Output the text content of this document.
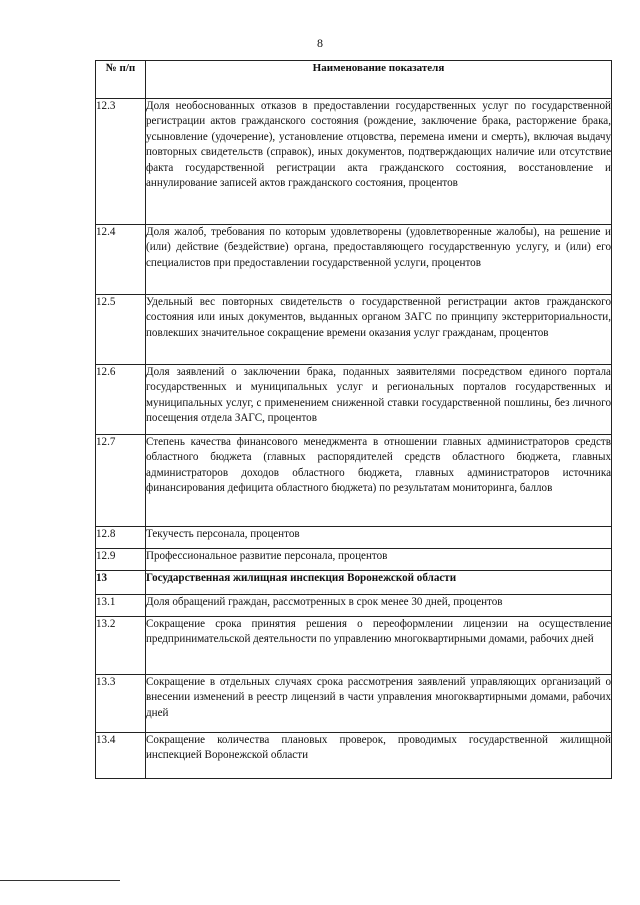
8
№ п/п	Наименование показателя
12.3	Доля необоснованных отказов в предоставлении государственных услуг по государственной регистрации актов гражданского состояния (рождение, заключение брака, расторжение брака, усыновление (удочерение), установление отцовства, перемена имени и смерть), включая выдачу повторных свидетельств (справок), иных документов, подтверждающих наличие или отсутствие факта государственной регистрации акта гражданского состояния, восстановление и аннулирование записей актов гражданского состояния, процентов
12.4	Доля жалоб, требования по которым удовлетворены (удовлетворенные жалобы), на решение и (или) действие (бездействие) органа, предоставляющего государственную услугу, и (или) его специалистов при предоставлении государственной услуги, процентов
12.5	Удельный вес повторных свидетельств о государственной регистрации актов гражданского состояния или иных документов, выданных органом ЗАГС по принципу экстерриториальности, повлекших значительное сокращение времени оказания услуг гражданам, процентов
12.6	Доля заявлений о заключении брака, поданных заявителями посредством единого портала государственных и муниципальных услуг и региональных порталов государственных и муниципальных услуг, с применением сниженной ставки государственной пошлины, без личного посещения отдела ЗАГС, процентов
12.7	Степень качества финансового менеджмента в отношении главных администраторов средств областного бюджета (главных распорядителей средств областного бюджета, главных администраторов доходов областного бюджета, главных администраторов источника финансирования дефицита областного бюджета) по результатам мониторинга, баллов
12.8	Текучесть персонала, процентов
12.9	Профессиональное развитие персонала, процентов
13	Государственная жилищная инспекция Воронежской области
13.1	Доля обращений граждан, рассмотренных в срок менее 30 дней, процентов
13.2	Сокращение срока принятия решения о переоформлении лицензии на осуществление предпринимательской деятельности по управлению многоквартирными домами, рабочих дней
13.3	Сокращение в отдельных случаях срока рассмотрения заявлений управляющих организаций о внесении изменений в реестр лицензий в части управления многоквартирными домами, рабочих дней
13.4	Сокращение количества плановых проверок, проводимых государственной жилищной инспекцией Воронежской области
